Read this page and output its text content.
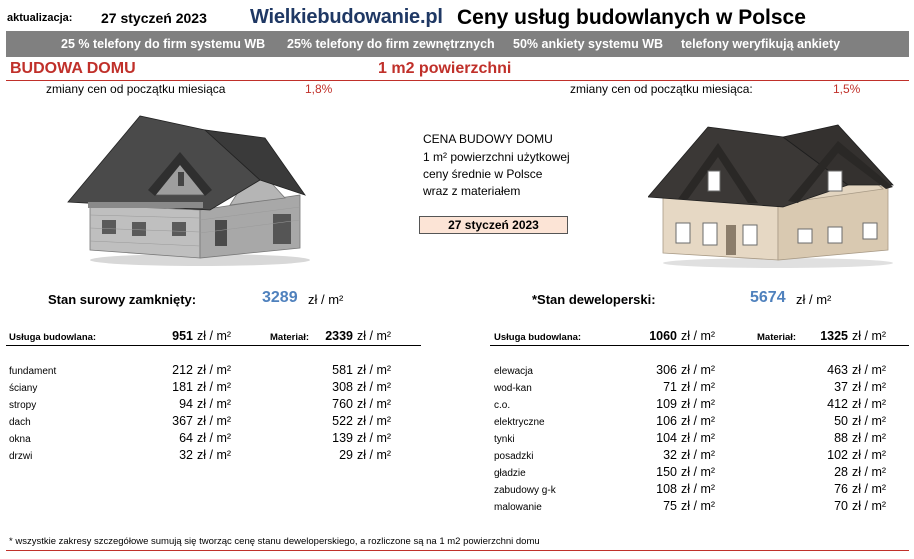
aktualizacja: 27 styczeń 2023 Wielkiebudowanie.pl Ceny usług budowlanych w Polsce
25 % telefony do firm systemu WB 25% telefony do firm zewnętrznych 50% ankiety systemu WB telefony weryfikują ankiety
BUDOWA DOMU	1 m2 powierzchni
zmiany cen od początku miesiąca	1,8%	zmiany cen od początku miesiąca:	1,5%
CENA BUDOWY DOMU
1 m² powierzchni użytkowej
ceny średnie w Polsce
wraz z materiałem
27 styczeń 2023
Stan surowy zamknięty:	3289 zł / m²	*Stan deweloperski:	5674 zł / m²
Usługa budowlana:	951 zł / m²	Materiał:	2339 zł / m²	Usługa budowlana:	1060 zł / m²	Materiał:	1325 zł / m²
fundament	212 zł / m²	581 zł / m²
ściany	181 zł / m²	308 zł / m²
stropy	94 zł / m²	760 zł / m²
dach	367 zł / m²	522 zł / m²
okna	64 zł / m²	139 zł / m²
drzwi	32 zł / m²	29 zł / m²
elewacja	306 zł / m²	463 zł / m²
wod-kan	71 zł / m²	37 zł / m²
c.o.	109 zł / m²	412 zł / m²
elektryczne	106 zł / m²	50 zł / m²
tynki	104 zł / m²	88 zł / m²
posadzki	32 zł / m²	102 zł / m²
gładzie	150 zł / m²	28 zł / m²
zabudowy g-k	108 zł / m²	76 zł / m²
malowanie	75 zł / m²	70 zł / m²
* wszystkie zakresy szczegółowe sumują się tworząc cenę stanu deweloperskiego, a rozliczone są na 1 m2 powierzchni domu
